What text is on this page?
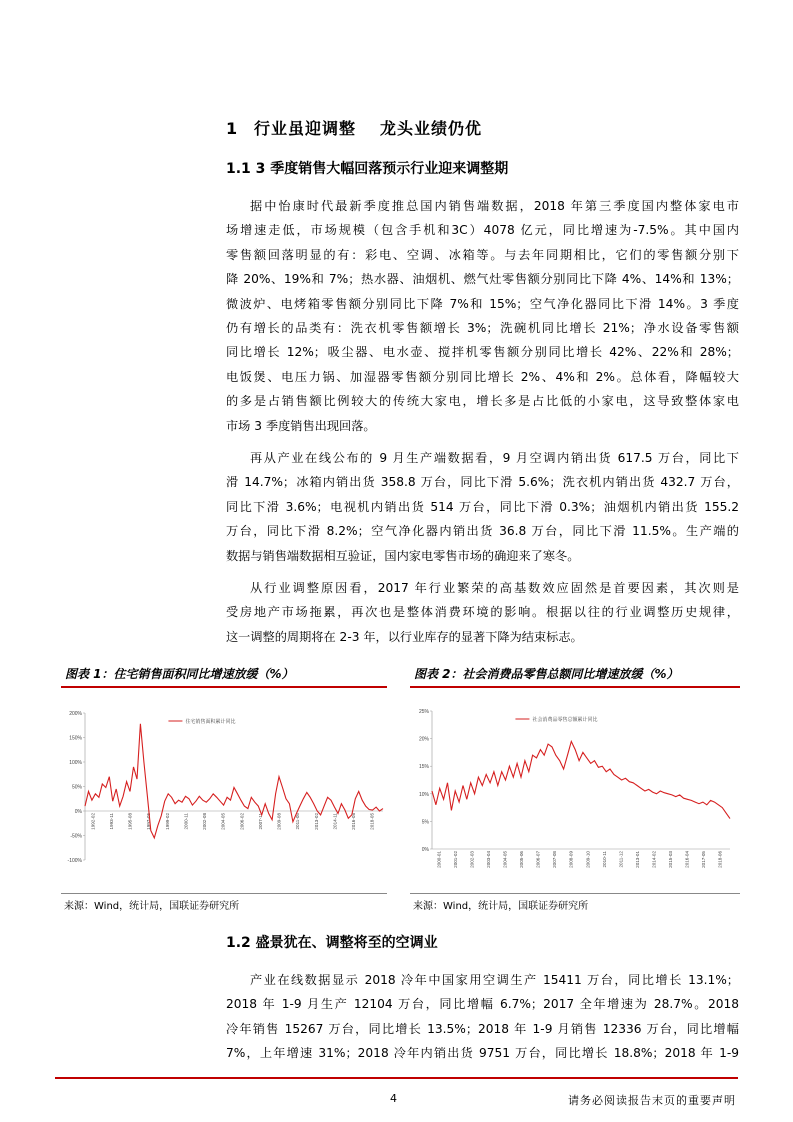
1 行业虽迎调整 龙头业绩仍优
1.1 3 季度销售大幅回落预示行业迎来调整期
据中怡康时代最新季度推总国内销售端数据，2018 年第三季度国内整体家电市
场增速走低，市场规模（包含手机和3C）4078 亿元，同比增速为-7.5%。其中国内
零售额回落明显的有：彩电、空调、冰箱等。与去年同期相比，它们的零售额分别下
降 20%、19%和 7%；热水器、油烟机、燃气灶零售额分别同比下降 4%、14%和 13%；
微波炉、电烤箱零售额分别同比下降 7%和 15%；空气净化器同比下滑 14%。3 季度
仍有增长的品类有：洗衣机零售额增长 3%；洗碗机同比增长 21%；净水设备零售额
同比增长 12%；吸尘器、电水壶、搅拌机零售额分别同比增长 42%、22%和 28%；
电饭煲、电压力锅、加湿器零售额分别同比增长 2%、4%和 2%。总体看，降幅较大
的多是占销售额比例较大的传统大家电，增长多是占比低的小家电，这导致整体家电
市场 3 季度销售出现回落。
再从产业在线公布的 9 月生产端数据看，9 月空调内销出货 617.5 万台，同比下
滑 14.7%；冰箱内销出货 358.8 万台，同比下滑 5.6%；洗衣机内销出货 432.7 万台，
同比下滑 3.6%；电视机内销出货 514 万台，同比下滑 0.3%；油烟机内销出货 155.2
万台，同比下滑 8.2%；空气净化器内销出货 36.8 万台，同比下滑 11.5%。生产端的
数据与销售端数据相互验证，国内家电零售市场的确迎来了寒冬。
从行业调整原因看，2017 年行业繁荣的高基数效应固然是首要因素，其次则是
受房地产市场拖累，再次也是整体消费环境的影响。根据以往的行业调整历史规律，
这一调整的周期将在 2-3 年，以行业库存的显著下降为结束标志。
图表 1：住宅销售面积同比增速放缓（%）
200%
150%
100%
50%
0%
-50%
-100%
1992-02	1993-11	1995-08	1997-05	1999-02	2000-11	2002-08	2004-05	2006-02	2007-11	2009-08	2011-05	2013-02	2014-11	2016-08	2018-05
住宅销售面积累计同比
来源：Wind，统计局，国联证券研究所
图表 2：社会消费品零售总额同比增速放缓（%）
25%
20%
15%
10%
5%
0%
2000-01	2001-02	2002-03	2003-04	2004-05	2005-06	2006-07	2007-08	2008-09	2009-10	2010-11	2011-12	2013-01	2014-02	2015-03	2016-04	2017-05	2018-06
社会消费品零售总额累计同比
来源：Wind，统计局，国联证券研究所
1.2 盛景犹在、调整将至的空调业
产业在线数据显示 2018 冷年中国家用空调生产 15411 万台，同比增长 13.1%；
2018 年 1-9 月生产 12104 万台，同比增幅 6.7%；2017 全年增速为 28.7%。2018
冷年销售 15267 万台，同比增长 13.5%；2018 年 1-9 月销售 12336 万台，同比增幅
7%，上年增速 31%；2018 冷年内销出货 9751 万台，同比增长 18.8%；2018 年 1-9
4	请务必阅读报告末页的重要声明
